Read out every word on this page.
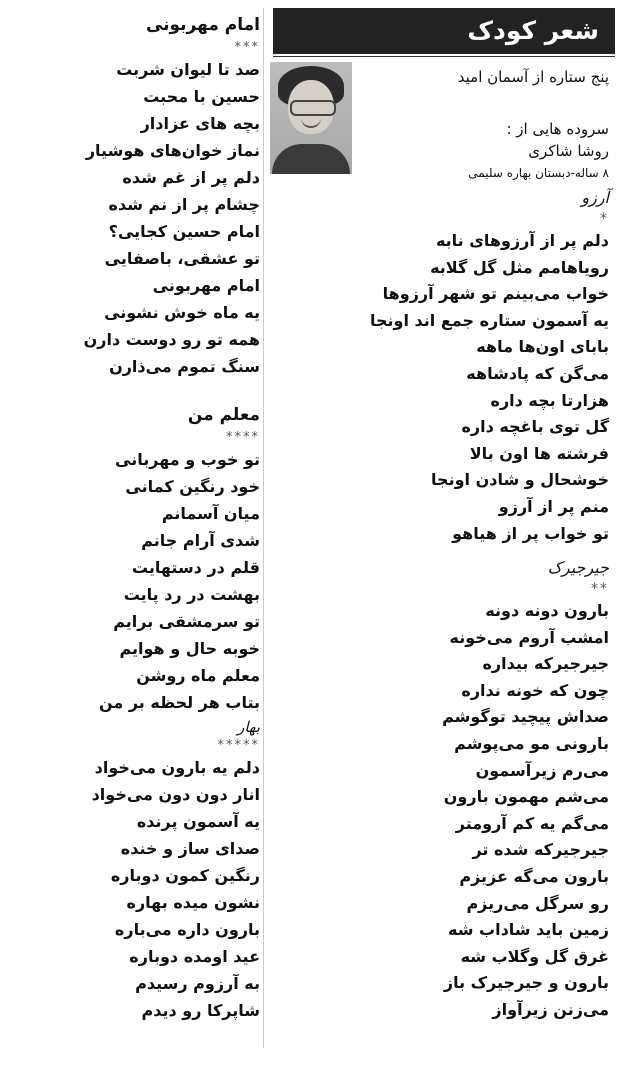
شعر کودک
پنج ستاره از آسمان امید
سروده هایی از :
روشا شاکری
۸ ساله-دبستان بهاره سلیمی
آرزو
*
دلم پر از آرزوهای نابه
رویاهامم مثل گل گلابه
خواب می‌بینم تو شهر آرزوها
یه آسمون ستاره جمع اند اونجا
بابای اون‌ها ماهه
می‌گن که پادشاهه
هزارتا بچه داره
گل توی باغچه داره
فرشته ها اون بالا
خوشحال و شادن اونجا
منم پر از آرزو
تو خواب پر از هیاهو
جیرجیرک
**
بارون دونه دونه
امشب آروم می‌خونه
جیرجیرکه بیداره
چون که خونه نداره
صداش پیچید توگوشم
بارونی مو می‌پوشم
می‌رم زیرآسمون
می‌شم مهمون بارون
می‌گم یه کم آرومتر
جیرجیرکه شده تر
بارون می‌گه عزیزم
رو سرگل می‌ریزم
زمین باید شاداب شه
غرق گل وگلاب شه
بارون و جیرجیرک باز
می‌زنن زیرآواز
امام مهربونی
***
صد تا لیوان شربت
حسین با محبت
بچه های عزادار
نماز خوان‌های هوشیار
دلم پر از غم شده
چشام پر از نم شده
امام حسین کجایی؟
تو عشقی، باصفایی
امام مهربونی
یه ماه خوش نشونی
همه تو رو دوست دارن
سنگ تموم می‌ذارن
معلم من
****
تو خوب و مهربانی
خود رنگین کمانی
میان آسمانم
شدی آرام جانم
قلم در دستهایت
بهشت در رد پایت
تو سرمشقی برایم
خوبه حال و هوایم
معلم ماه روشن
بتاب هر لحظه بر من
بهار
*****
دلم یه بارون می‌خواد
انار دون دون می‌خواد
یه آسمون پرنده
صدای ساز و خنده
رنگین کمون دوباره
نشون میده بهاره
بارون داره می‌باره
عید اومده دوباره
به آرزوم رسیدم
شاپرکا رو دیدم
